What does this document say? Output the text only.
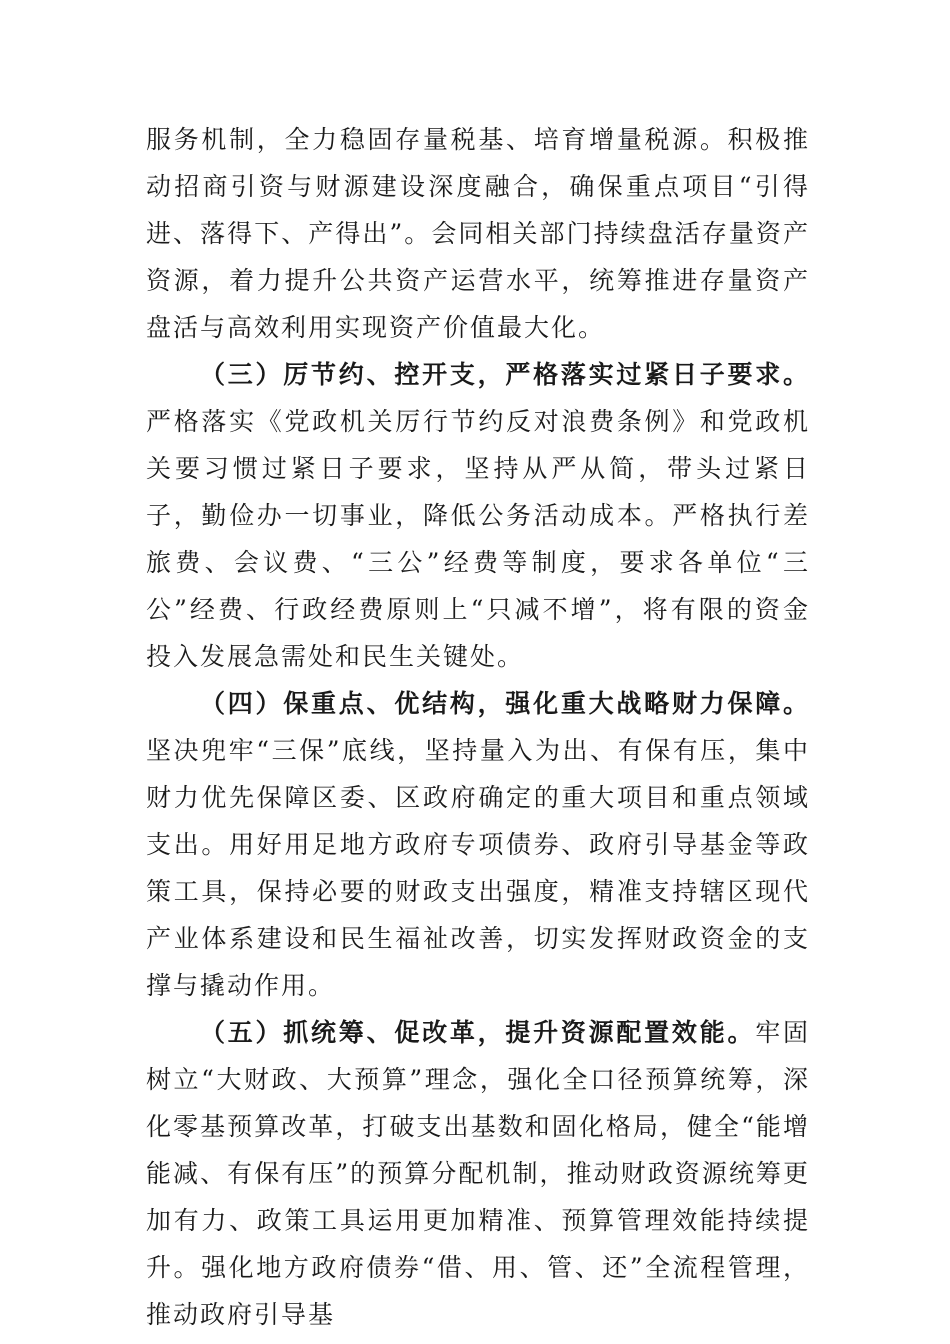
服务机制，全力稳固存量税基、培育增量税源。积极推动招商引资与财源建设深度融合，确保重点项目“引得进、落得下、产得出”。会同相关部门持续盘活存量资产资源，着力提升公共资产运营水平，统筹推进存量资产盘活与高效利用实现资产价值最大化。

（三）厉节约、控开支，严格落实过紧日子要求。严格落实《党政机关厉行节约反对浪费条例》和党政机关要习惯过紧日子要求，坚持从严从简，带头过紧日子，勤俭办一切事业，降低公务活动成本。严格执行差旅费、会议费、“三公”经费等制度，要求各单位“三公”经费、行政经费原则上“只减不增”，将有限的资金投入发展急需处和民生关键处。

（四）保重点、优结构，强化重大战略财力保障。坚决兜牢“三保”底线，坚持量入为出、有保有压，集中财力优先保障区委、区政府确定的重大项目和重点领域支出。用好用足地方政府专项债券、政府引导基金等政策工具，保持必要的财政支出强度，精准支持辖区现代产业体系建设和民生福祉改善，切实发挥财政资金的支撑与撬动作用。

（五）抓统筹、促改革，提升资源配置效能。牢固树立“大财政、大预算”理念，强化全口径预算统筹，深化零基预算改革，打破支出基数和固化格局，健全“能增能减、有保有压”的预算分配机制，推动财政资源统筹更加有力、政策工具运用更加精准、预算管理效能持续提升。强化地方政府债券“借、用、管、还”全流程管理，推动政府引导基
